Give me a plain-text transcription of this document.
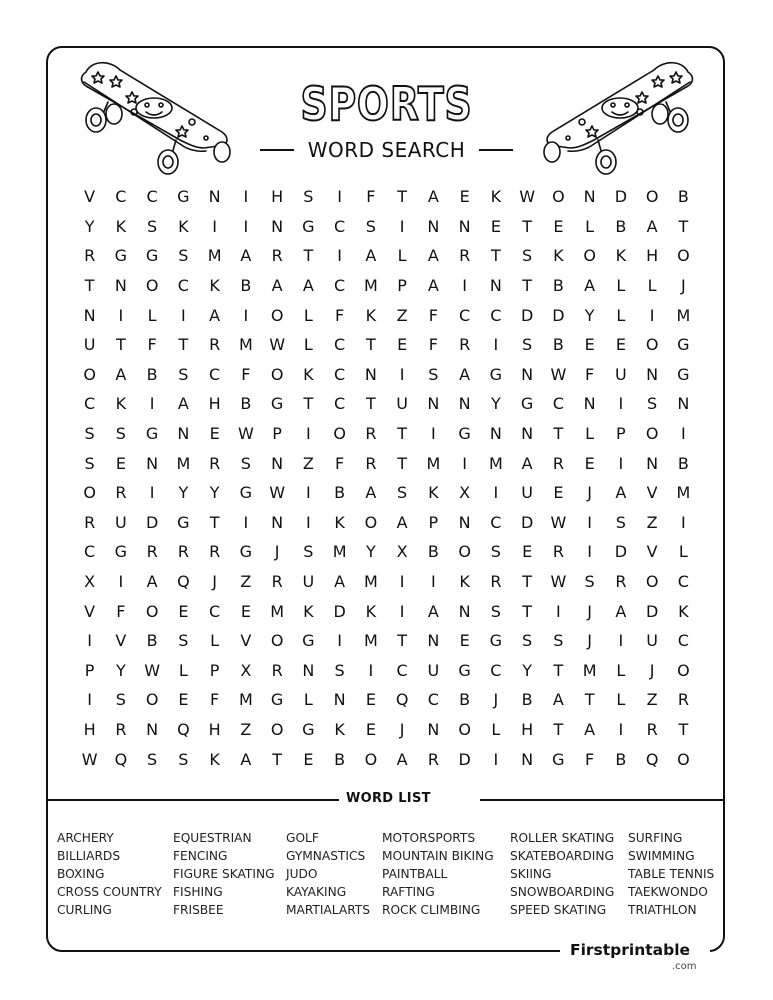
SPORTS
WORD SEARCH
V	C	C	G	N	I	H	S	I	F	T	A	E	K	W	O	N	D	O	B
Y	K	S	K	I	I	N	G	C	S	I	N	N	E	T	E	L	B	A	T
R	G	G	S	M	A	R	T	I	A	L	A	R	T	S	K	O	K	H	O
T	N	O	C	K	B	A	A	C	M	P	A	I	N	T	B	A	L	L	J
N	I	L	I	A	I	O	L	F	K	Z	F	C	C	D	D	Y	L	I	M
U	T	F	T	R	M	W	L	C	T	E	F	R	I	S	B	E	E	O	G
O	A	B	S	C	F	O	K	C	N	I	S	A	G	N	W	F	U	N	G
C	K	I	A	H	B	G	T	C	T	U	N	N	Y	G	C	N	I	S	N
S	S	G	N	E	W	P	I	O	R	T	I	G	N	N	T	L	P	O	I
S	E	N	M	R	S	N	Z	F	R	T	M	I	M	A	R	E	I	N	B
O	R	I	Y	Y	G	W	I	B	A	S	K	X	I	U	E	J	A	V	M
R	U	D	G	T	I	N	I	K	O	A	P	N	C	D	W	I	S	Z	I
C	G	R	R	R	G	J	S	M	Y	X	B	O	S	E	R	I	D	V	L
X	I	A	Q	J	Z	R	U	A	M	I	I	K	R	T	W	S	R	O	C
V	F	O	E	C	E	M	K	D	K	I	A	N	S	T	I	J	A	D	K
I	V	B	S	L	V	O	G	I	M	T	N	E	G	S	S	J	I	U	C
P	Y	W	L	P	X	R	N	S	I	C	U	G	C	Y	T	M	L	J	O
I	S	O	E	F	M	G	L	N	E	Q	C	B	J	B	A	T	L	Z	R
H	R	N	Q	H	Z	O	G	K	E	J	N	O	L	H	T	A	I	R	T
W	Q	S	S	K	A	T	E	B	O	A	R	D	I	N	G	F	B	Q	O
WORD LIST
ARCHERY
BILLIARDS
BOXING
CROSS COUNTRY
CURLING
EQUESTRIAN
FENCING
FIGURE SKATING
FISHING
FRISBEE
GOLF
GYMNASTICS
JUDO
KAYAKING
MARTIALARTS
MOTORSPORTS
MOUNTAIN BIKING
PAINTBALL
RAFTING
ROCK CLIMBING
ROLLER SKATING
SKATEBOARDING
SKIING
SNOWBOARDING
SPEED SKATING
SURFING
SWIMMING
TABLE TENNIS
TAEKWONDO
TRIATHLON
Firstprintable
.com
